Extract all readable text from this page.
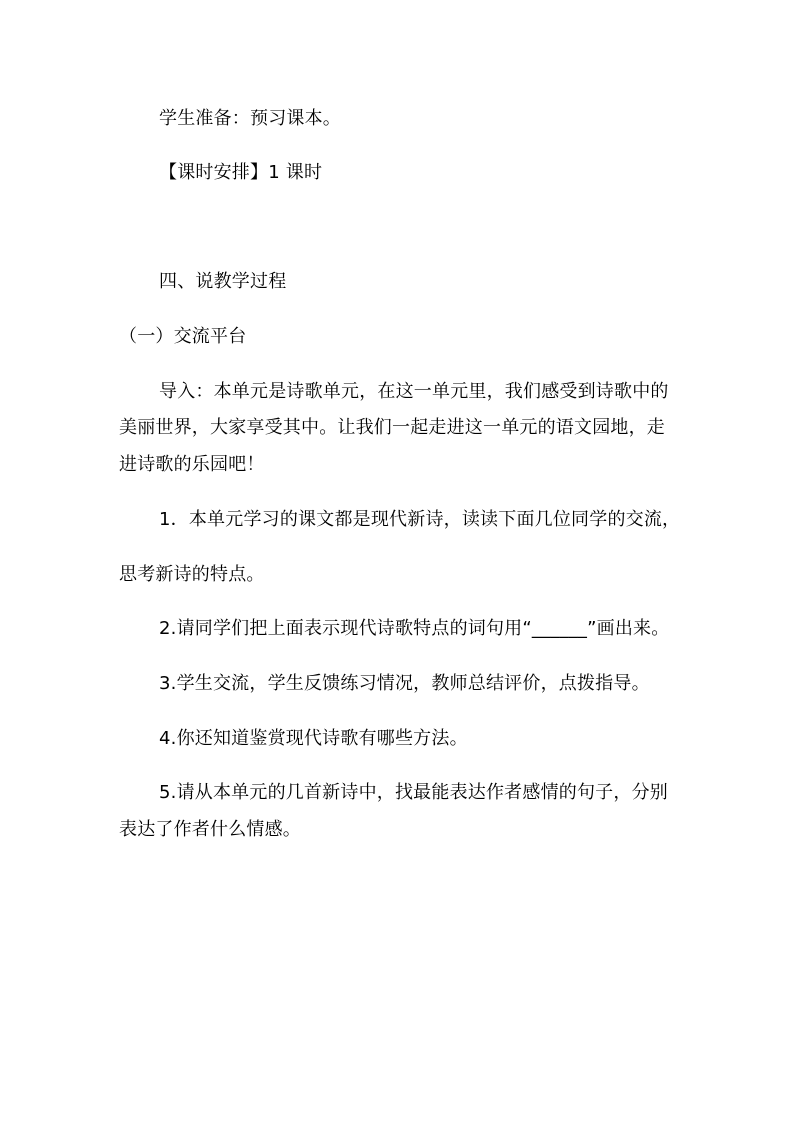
学生准备：预习课本。
【课时安排】1 课时
四、说教学过程
（一）交流平台
导入：本单元是诗歌单元，在这一单元里，我们感受到诗歌中的
美丽世界，大家享受其中。让我们一起走进这一单元的语文园地，走
进诗歌的乐园吧！
1．本单元学习的课文都是现代新诗，读读下面几位同学的交流，
思考新诗的特点。
2.请同学们把上面表示现代诗歌特点的词句用“______”画出来。
3.学生交流，学生反馈练习情况，教师总结评价，点拨指导。
4.你还知道鉴赏现代诗歌有哪些方法。
5.请从本单元的几首新诗中，找最能表达作者感情的句子，分别
表达了作者什么情感。
